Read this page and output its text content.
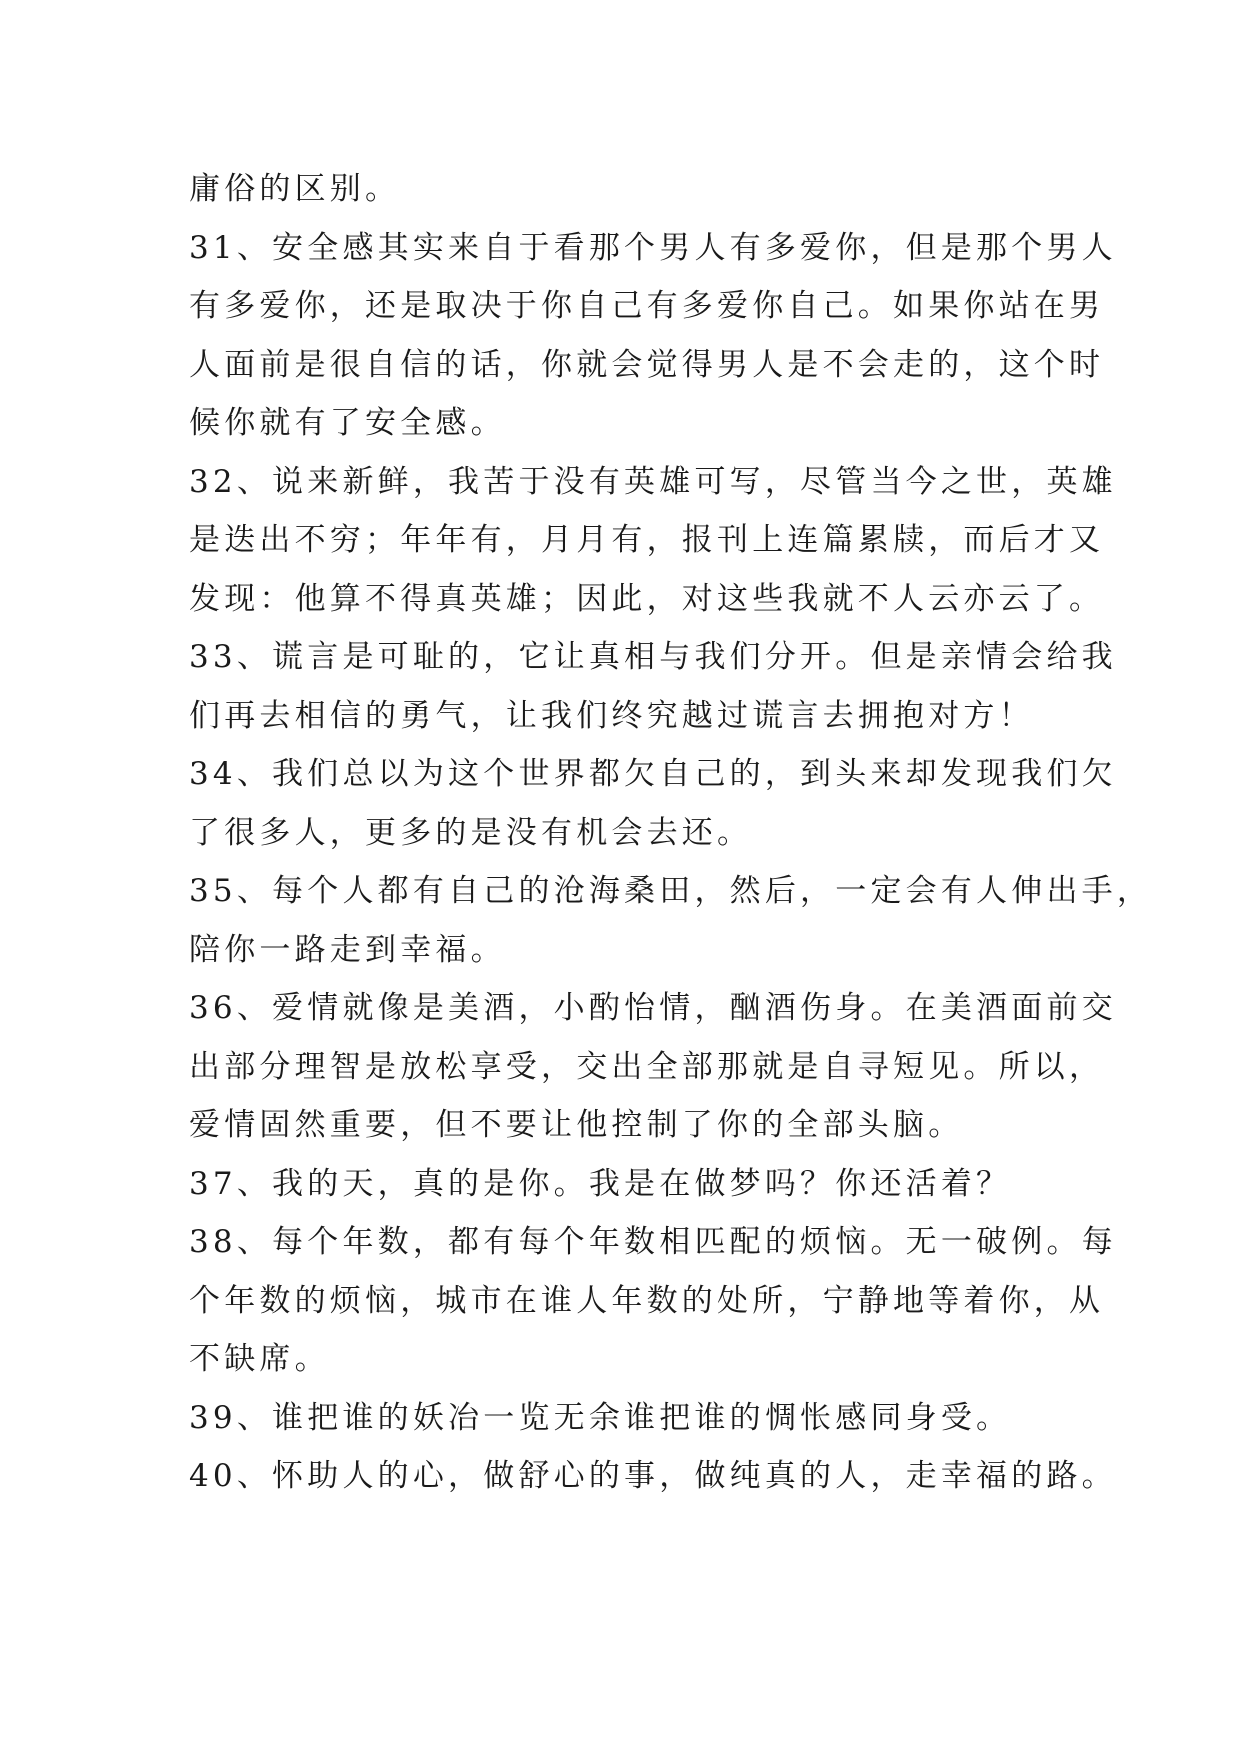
庸俗的区别。
31、安全感其实来自于看那个男人有多爱你，但是那个男人
有多爱你，还是取决于你自己有多爱你自己。如果你站在男
人面前是很自信的话，你就会觉得男人是不会走的，这个时
候你就有了安全感。
32、说来新鲜，我苦于没有英雄可写，尽管当今之世，英雄
是迭出不穷；年年有，月月有，报刊上连篇累牍，而后才又
发现：他算不得真英雄；因此，对这些我就不人云亦云了。
33、谎言是可耻的，它让真相与我们分开。但是亲情会给我
们再去相信的勇气，让我们终究越过谎言去拥抱对方！
34、我们总以为这个世界都欠自己的，到头来却发现我们欠
了很多人，更多的是没有机会去还。
35、每个人都有自己的沧海桑田，然后，一定会有人伸出手，
陪你一路走到幸福。
36、爱情就像是美酒，小酌怡情，酗酒伤身。在美酒面前交
出部分理智是放松享受，交出全部那就是自寻短见。所以，
爱情固然重要，但不要让他控制了你的全部头脑。
37、我的天，真的是你。我是在做梦吗？你还活着？
38、每个年数，都有每个年数相匹配的烦恼。无一破例。每
个年数的烦恼，城市在谁人年数的处所，宁静地等着你，从
不缺席。
39、谁把谁的妖冶一览无余谁把谁的惆怅感同身受。
40、怀助人的心，做舒心的事，做纯真的人，走幸福的路。
